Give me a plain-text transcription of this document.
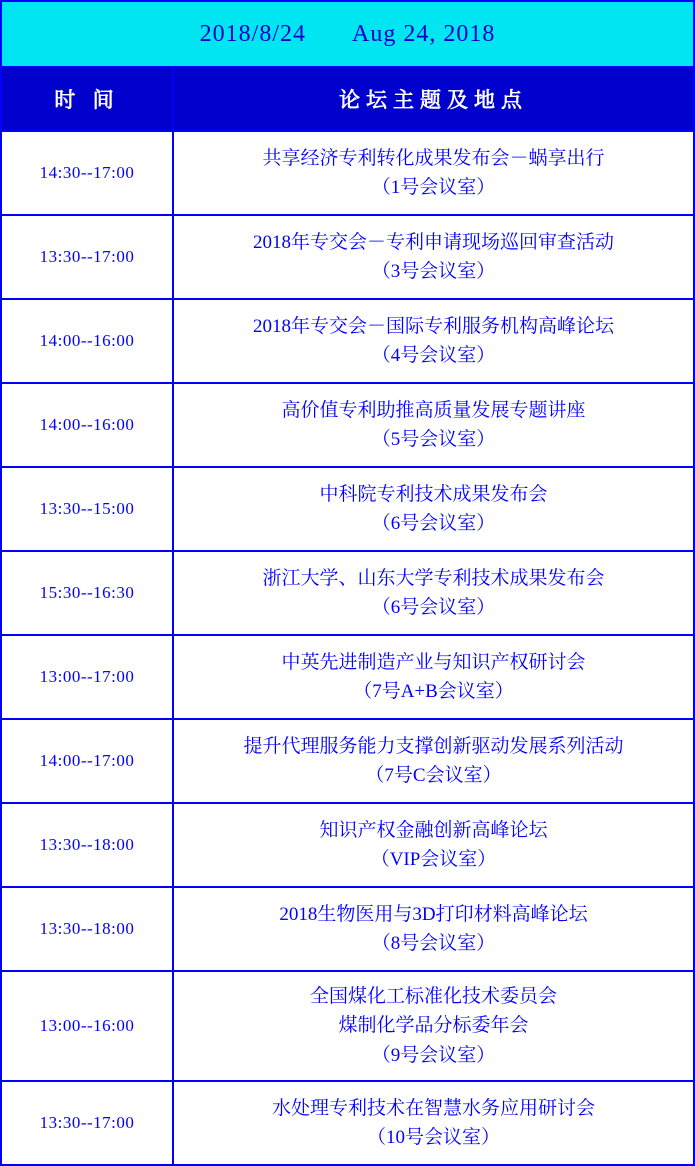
2018/8/24 Aug 24, 2018
时 间	论坛主题及地点
14:30--17:00
共享经济专利转化成果发布会－蜗享出行
（1号会议室）
13:30--17:00
2018年专交会－专利申请现场巡回审查活动
（3号会议室）
14:00--16:00
2018年专交会－国际专利服务机构高峰论坛
（4号会议室）
14:00--16:00
高价值专利助推高质量发展专题讲座
（5号会议室）
13:30--15:00
中科院专利技术成果发布会
（6号会议室）
15:30--16:30
浙江大学、山东大学专利技术成果发布会
（6号会议室）
13:00--17:00
中英先进制造产业与知识产权研讨会
（7号A+B会议室）
14:00--17:00
提升代理服务能力支撑创新驱动发展系列活动
（7号C会议室）
13:30--18:00
知识产权金融创新高峰论坛
（VIP会议室）
13:30--18:00
2018生物医用与3D打印材料高峰论坛
（8号会议室）
13:00--16:00
全国煤化工标准化技术委员会
煤制化学品分标委年会
（9号会议室）
13:30--17:00
水处理专利技术在智慧水务应用研讨会
（10号会议室）
